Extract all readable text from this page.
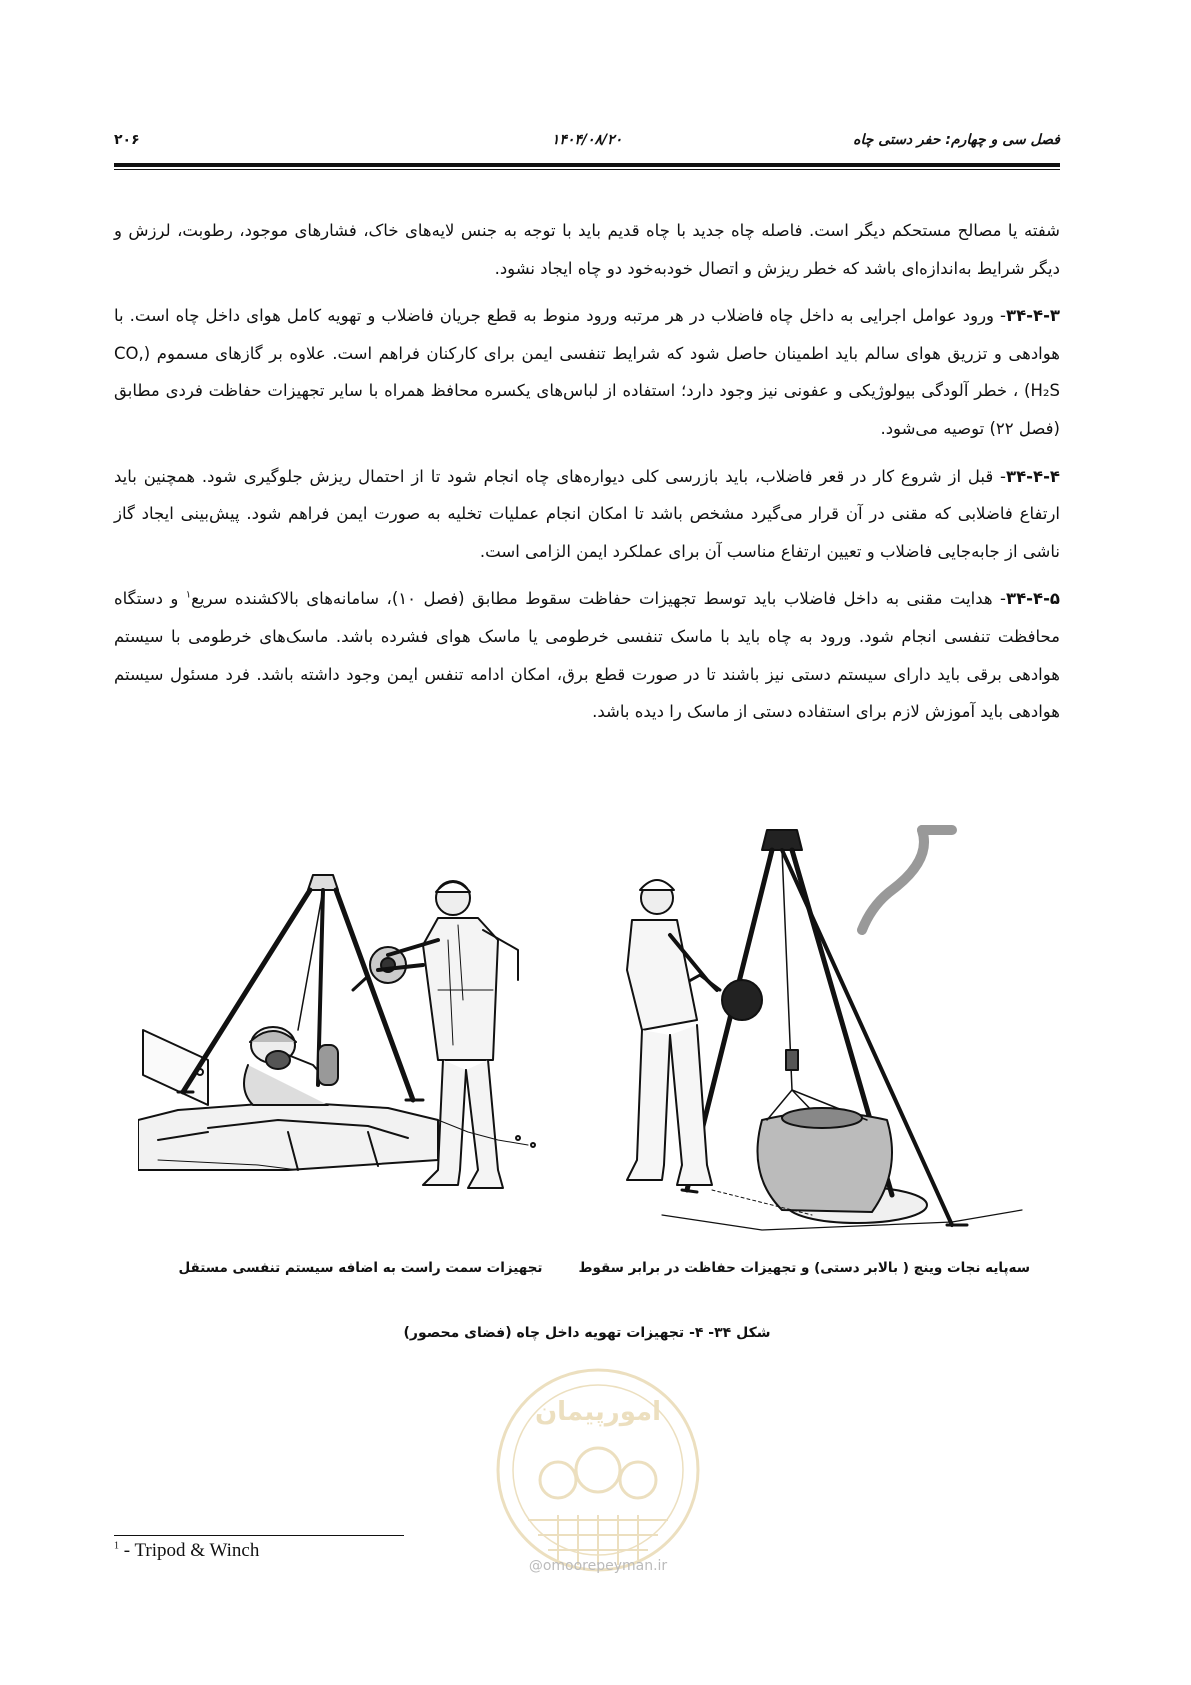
فصل سی و چهارم: حفر دستی چاه
۱۴۰۴/۰۸/۲۰
۲۰۶

شفته یا مصالح مستحکم دیگر است. فاصله چاه جدید با چاه قدیم باید با توجه به جنس لایه‌های خاک، فشارهای موجود، رطوبت، لرزش و دیگر شرایط به‌اندازه‌ای باشد که خطر ریزش و اتصال خودبه‌خود دو چاه ایجاد نشود.

۳۴-۴-۳- ورود عوامل اجرایی به داخل چاه فاضلاب در هر مرتبه ورود منوط به قطع جریان فاضلاب و تهویه کامل هوای داخل چاه است. با هوادهی و تزریق هوای سالم باید اطمینان حاصل شود که شرایط تنفسی ایمن برای کارکنان فراهم است. علاوه بر گازهای مسموم (CO, H₂S) ، خطر آلودگی بیولوژیکی و عفونی نیز وجود دارد؛ استفاده از لباس‌های یکسره محافظ همراه با سایر تجهیزات حفاظت فردی مطابق (فصل ۲۲) توصیه می‌شود.

۳۴-۴-۴- قبل از شروع کار در قعر فاضلاب، باید بازرسی کلی دیواره‌های چاه انجام شود تا از احتمال ریزش جلوگیری شود. همچنین باید ارتفاع فاضلابی که مقنی در آن قرار می‌گیرد مشخص باشد تا امکان انجام عملیات تخلیه به صورت ایمن فراهم شود. پیش‌بینی ایجاد گاز ناشی از جابه‌جایی فاضلاب و تعیین ارتفاع مناسب آن برای عملکرد ایمن الزامی است.

۳۴-۴-۵- هدایت مقنی به داخل فاضلاب باید توسط تجهیزات حفاظت سقوط مطابق (فصل ۱۰)، سامانه‌های بالاکشنده سریع$^۱$ و دستگاه محافظت تنفسی انجام شود. ورود به چاه باید با ماسک تنفسی خرطومی یا ماسک هوای فشرده باشد. ماسک‌های خرطومی با سیستم هوادهی برقی باید دارای سیستم دستی نیز باشند تا در صورت قطع برق، امکان ادامه تنفس ایمن وجود داشته باشد. فرد مسئول سیستم هوادهی باید آموزش لازم برای استفاده دستی از ماسک را دیده باشد.

تجهیزات سمت راست به اضافه سیستم تنفسی مستقل	سه‌پایه نجات وینچ ( بالابر دستی) و تجهیزات حفاظت در برابر سقوط
شکل ۳۴- ۴- تجهیزات تهویه داخل چاه (فضای محصور)
امورپیمان
@omoorepeyman.ir
$^1$ - Tripod & Winch
